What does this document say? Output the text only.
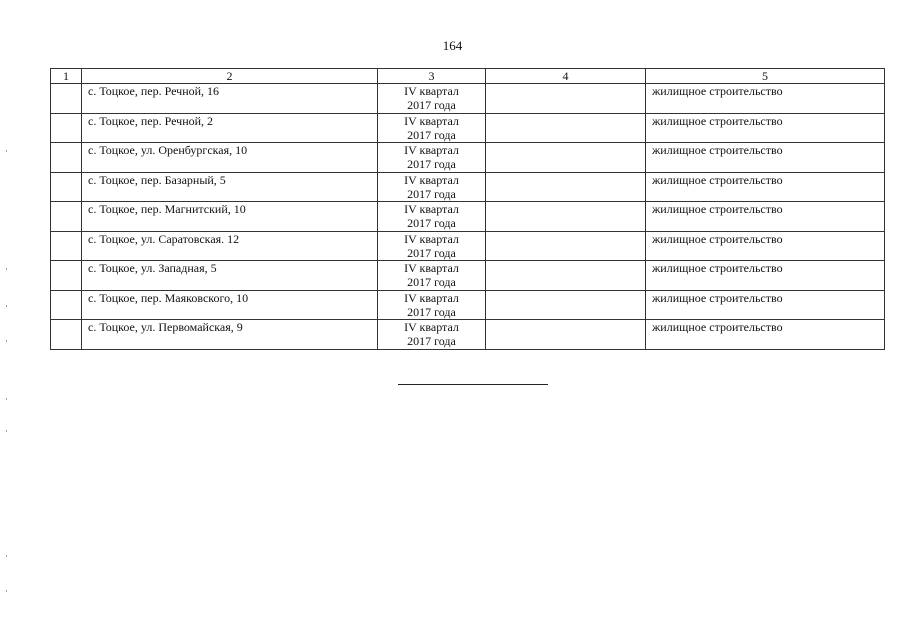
164
1	2	3	4	5
	с. Тоцкое, пер. Речной, 16	IV квартал
2017 года		жилищное строительство
	с. Тоцкое, пер. Речной, 2	IV квартал
2017 года		жилищное строительство
	с. Тоцкое, ул. Оренбургская, 10	IV квартал
2017 года		жилищное строительство
	с. Тоцкое, пер. Базарный, 5	IV квартал
2017 года		жилищное строительство
	с. Тоцкое, пер. Магнитский, 10	IV квартал
2017 года		жилищное строительство
	с. Тоцкое, ул. Саратовская. 12	IV квартал
2017 года		жилищное строительство
	с. Тоцкое, ул. Западная, 5	IV квартал
2017 года		жилищное строительство
	с. Тоцкое, пер. Маяковского, 10	IV квартал
2017 года		жилищное строительство
	с. Тоцкое, ул. Первомайская, 9	IV квартал
2017 года		жилищное строительство
